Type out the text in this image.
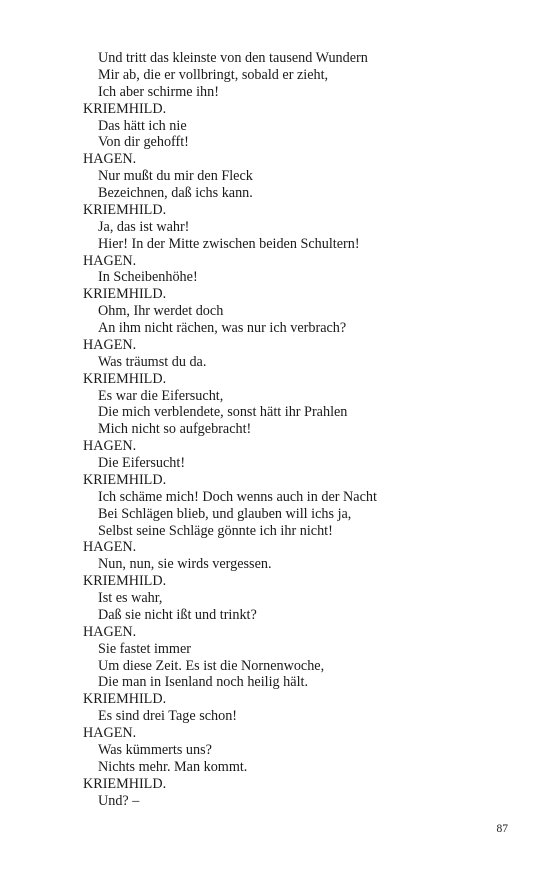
Und tritt das kleinste von den tausend Wundern
Mir ab, die er vollbringt, sobald er zieht,
Ich aber schirme ihn!
KRIEMHILD.
Das hätt ich nie
Von dir gehofft!
HAGEN.
Nur mußt du mir den Fleck
Bezeichnen, daß ichs kann.
KRIEMHILD.
Ja, das ist wahr!
Hier! In der Mitte zwischen beiden Schultern!
HAGEN.
In Scheibenhöhe!
KRIEMHILD.
Ohm, Ihr werdet doch
An ihm nicht rächen, was nur ich verbrach?
HAGEN.
Was träumst du da.
KRIEMHILD.
Es war die Eifersucht,
Die mich verblendete, sonst hätt ihr Prahlen
Mich nicht so aufgebracht!
HAGEN.
Die Eifersucht!
KRIEMHILD.
Ich schäme mich! Doch wenns auch in der Nacht
Bei Schlägen blieb, und glauben will ichs ja,
Selbst seine Schläge gönnte ich ihr nicht!
HAGEN.
Nun, nun, sie wirds vergessen.
KRIEMHILD.
Ist es wahr,
Daß sie nicht ißt und trinkt?
HAGEN.
Sie fastet immer
Um diese Zeit. Es ist die Nornenwoche,
Die man in Isenland noch heilig hält.
KRIEMHILD.
Es sind drei Tage schon!
HAGEN.
Was kümmerts uns?
Nichts mehr. Man kommt.
KRIEMHILD.
Und? –
87
